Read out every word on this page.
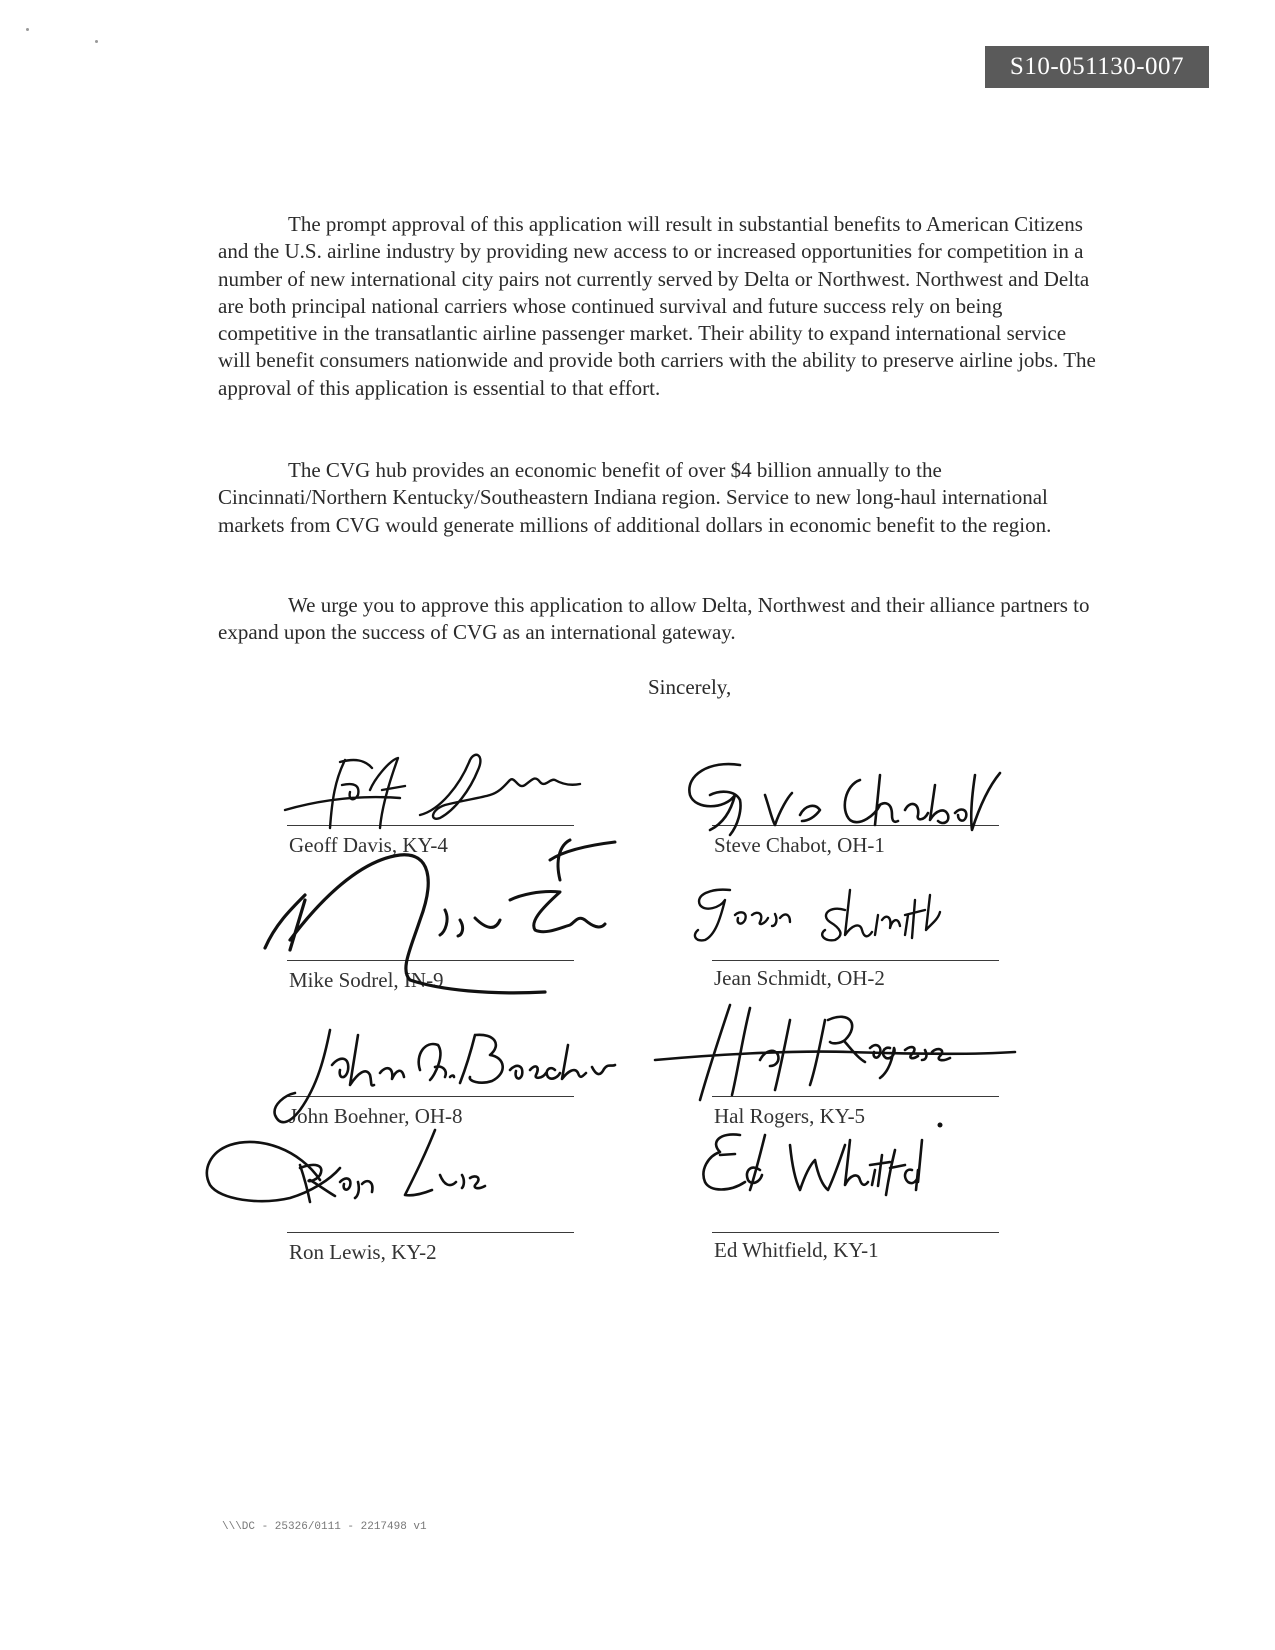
S10-051130-007

The prompt approval of this application will result in substantial benefits to American Citizens and the U.S. airline industry by providing new access to or increased opportunities for competition in a number of new international city pairs not currently served by Delta or Northwest. Northwest and Delta are both principal national carriers whose continued survival and future success rely on being competitive in the transatlantic airline passenger market. Their ability to expand international service will benefit consumers nationwide and provide both carriers with the ability to preserve airline jobs. The approval of this application is essential to that effort.

The CVG hub provides an economic benefit of over $4 billion annually to the Cincinnati/Northern Kentucky/Southeastern Indiana region. Service to new long-haul international markets from CVG would generate millions of additional dollars in economic benefit to the region.

We urge you to approve this application to allow Delta, Northwest and their alliance partners to expand upon the success of CVG as an international gateway.

Sincerely,
Geoff Davis, KY-4	Steve Chabot, OH-1
Mike Sodrel, IN-9	Jean Schmidt, OH-2
John Boehner, OH-8	Hal Rogers, KY-5
Ron Lewis, KY-2	Ed Whitfield, KY-1
\\\DC - 25326/0111 - 2217498 v1
